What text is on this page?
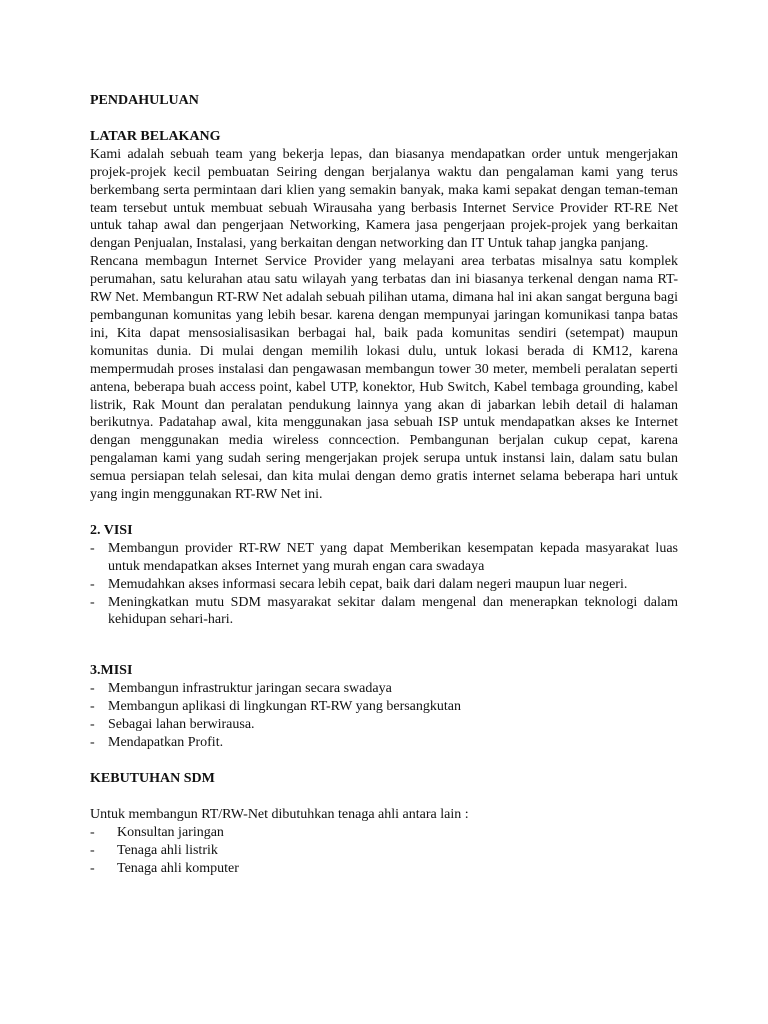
PENDAHULUAN

LATAR BELAKANG

Kami adalah sebuah team yang bekerja lepas, dan biasanya mendapatkan order untuk mengerjakan projek-projek kecil pembuatan Seiring dengan berjalanya waktu dan pengalaman kami yang terus berkembang serta permintaan dari klien yang semakin banyak, maka kami sepakat dengan teman-teman team tersebut untuk membuat sebuah Wirausaha yang berbasis Internet Service Provider RT-RE Net untuk tahap awal dan pengerjaan Networking, Kamera jasa pengerjaan projek-projek yang berkaitan dengan Penjualan, Instalasi, yang berkaitan dengan networking dan IT Untuk tahap jangka panjang.

Rencana membagun Internet Service Provider yang melayani area terbatas misalnya satu komplek perumahan, satu kelurahan atau satu wilayah yang terbatas dan ini biasanya terkenal dengan nama RT-RW Net. Membangun RT-RW Net adalah sebuah pilihan utama, dimana hal ini akan sangat berguna bagi pembangunan komunitas yang lebih besar. karena dengan mempunyai jaringan komunikasi tanpa batas ini, Kita dapat mensosialisasikan berbagai hal, baik pada komunitas sendiri (setempat) maupun komunitas dunia. Di mulai dengan memilih lokasi dulu, untuk lokasi berada di KM12, karena mempermudah proses instalasi dan pengawasan membangun tower 30 meter, membeli peralatan seperti antena, beberapa buah access point, kabel UTP, konektor, Hub Switch, Kabel tembaga grounding, kabel listrik, Rak Mount dan peralatan pendukung lainnya yang akan di jabarkan lebih detail di halaman berikutnya. Padatahap awal, kita menggunakan jasa sebuah ISP untuk mendapatkan akses ke Internet dengan menggunakan media wireless conncection. Pembangunan berjalan cukup cepat, karena pengalaman kami yang sudah sering mengerjakan projek serupa untuk instansi lain, dalam satu bulan semua persiapan telah selesai, dan kita mulai dengan demo gratis internet selama beberapa hari untuk yang ingin menggunakan RT-RW Net ini.

2. VISI

- Membangun provider RT-RW NET yang dapat Memberikan kesempatan kepada masyarakat luas untuk mendapatkan akses Internet yang murah engan cara swadaya
- Memudahkan akses informasi secara lebih cepat, baik dari dalam negeri maupun luar negeri.
- Meningkatkan mutu SDM masyarakat sekitar dalam mengenal dan menerapkan teknologi dalam kehidupan sehari-hari.

3.MISI

- Membangun infrastruktur jaringan secara swadaya
- Membangun aplikasi di lingkungan RT-RW yang bersangkutan
- Sebagai lahan berwirausa.
- Mendapatkan Profit.

KEBUTUHAN SDM

Untuk membangun RT/RW-Net dibutuhkan tenaga ahli antara lain :

- Konsultan jaringan
- Tenaga ahli listrik
- Tenaga ahli komputer
